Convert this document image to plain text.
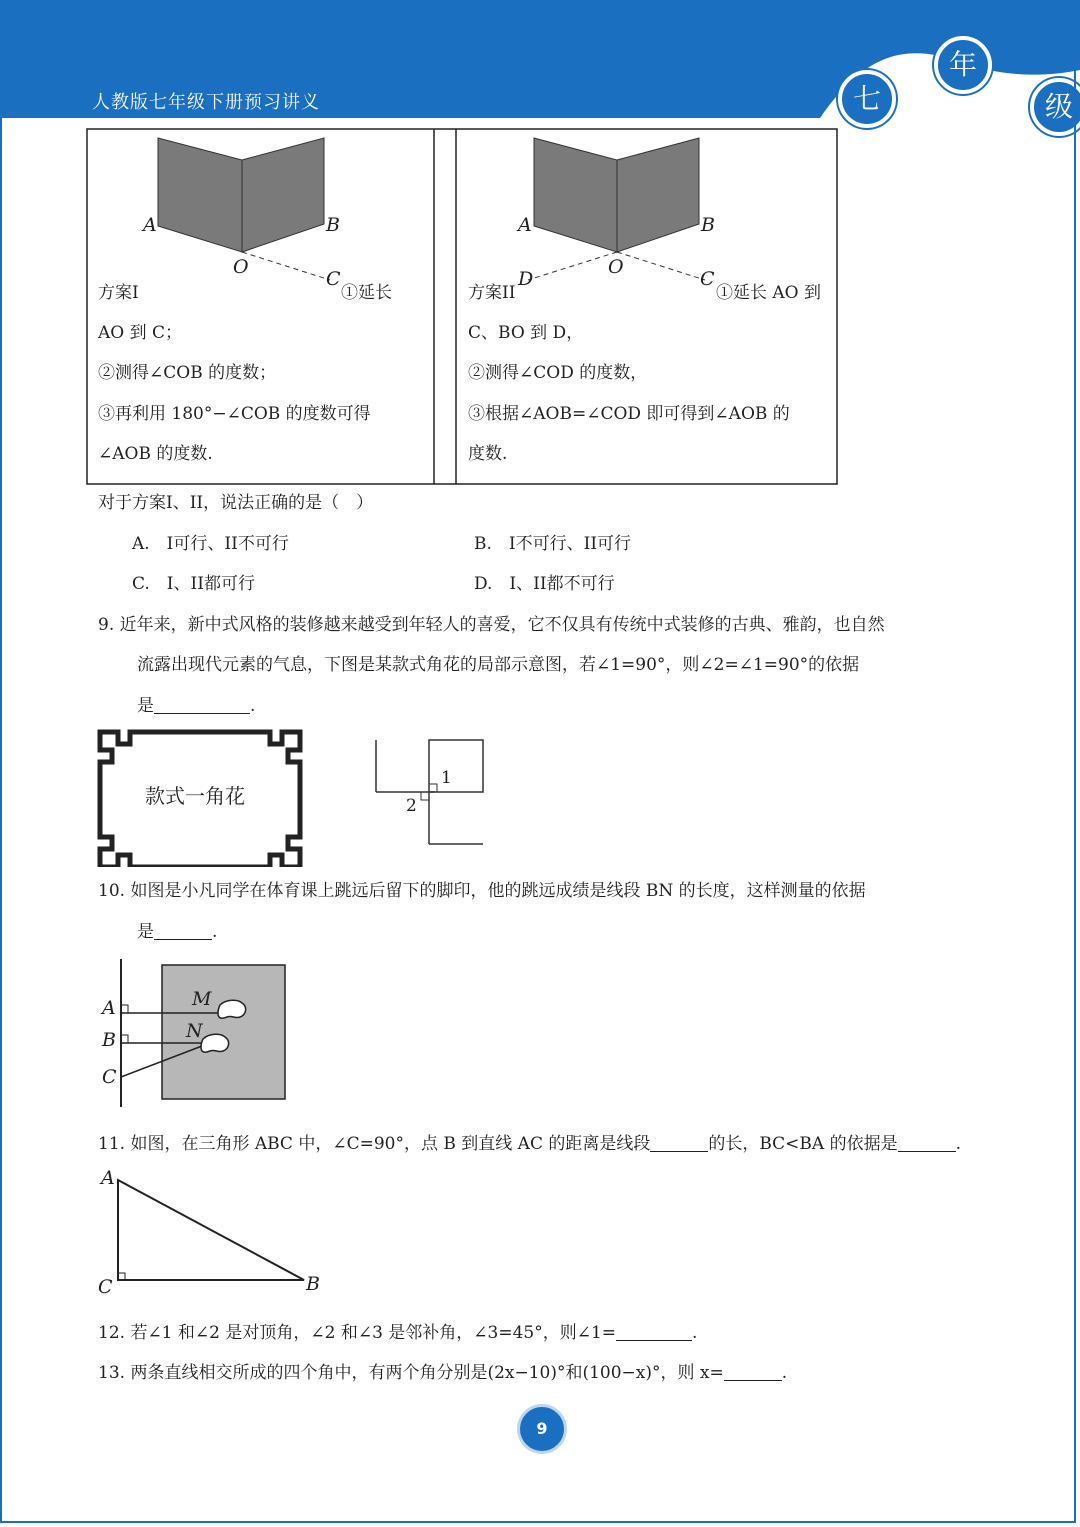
人教版七年级下册预习讲义	七
年
级
A	B
O
C
方案I	①延长
AO 到 C；
②测得∠COB 的度数；
③再利用 180°−∠COB 的度数可得
∠AOB 的度数.
A	B
O
C
D
方案II	①延长 AO 到
C、BO 到 D，
②测得∠COD 的度数，
③根据∠AOB=∠COD 即可得到∠AOB 的
度数.
对于方案I、II，说法正确的是（　）
A.　I可行、II不可行	B.　I不可行、II可行
C.　I、II都可行	D.　I、II都不可行
9. 近年来，新中式风格的装修越来越受到年轻人的喜爱，它不仅具有传统中式装修的古典、雅韵，也自然
流露出现代元素的气息，下图是某款式角花的局部示意图，若∠1=90°，则∠2=∠1=90°的依据
是	.
款式一角花
1
2
10. 如图是小凡同学在体育课上跳远后留下的脚印，他的跳远成绩是线段 BN 的长度，这样测量的依据
是	.
A
B
C
M
N
11. 如图，在三角形 ABC 中，∠C=90°，点 B 到直线 AC 的距离是线段	的长，BC<BA 的依据是	.
A
C	B
12. 若∠1 和∠2 是对顶角，∠2 和∠3 是邻补角，∠3=45°，则∠1=	.
13. 两条直线相交所成的四个角中，有两个角分别是(2x−10)°和(100−x)°，则 x=	.
9
